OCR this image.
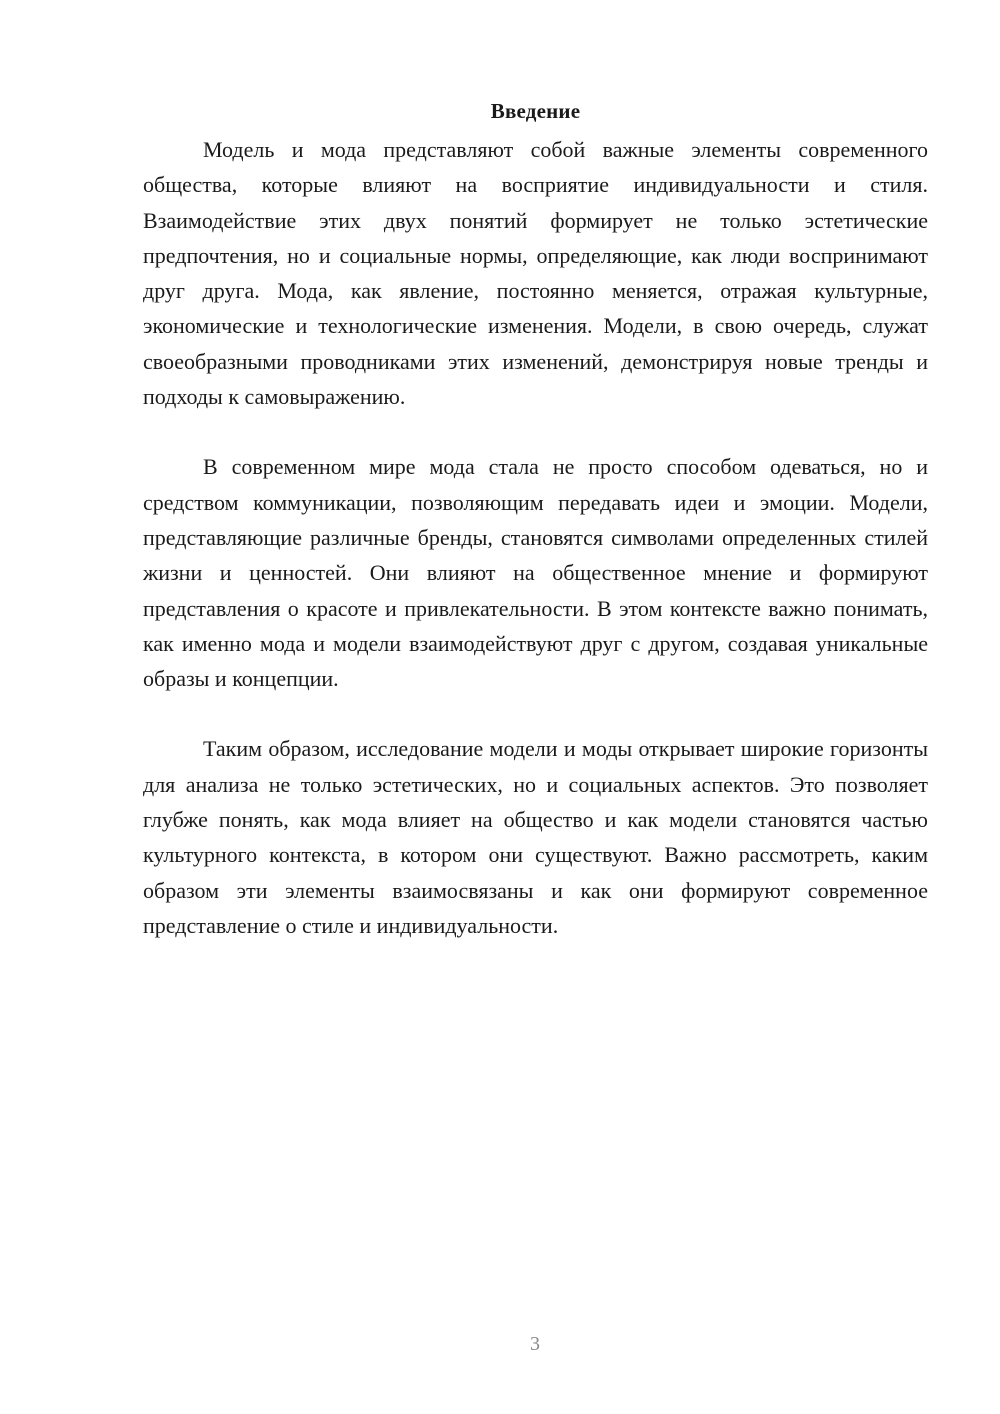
Введение

Модель и мода представляют собой важные элементы современного общества, которые влияют на восприятие индивидуальности и стиля. Взаимодействие этих двух понятий формирует не только эстетические предпочтения, но и социальные нормы, определяющие, как люди воспринимают друг друга. Мода, как явление, постоянно меняется, отражая культурные, экономические и технологические изменения. Модели, в свою очередь, служат своеобразными проводниками этих изменений, демонстрируя новые тренды и подходы к самовыражению.

В современном мире мода стала не просто способом одеваться, но и средством коммуникации, позволяющим передавать идеи и эмоции. Модели, представляющие различные бренды, становятся символами определенных стилей жизни и ценностей. Они влияют на общественное мнение и формируют представления о красоте и привлекательности. В этом контексте важно понимать, как именно мода и модели взаимодействуют друг с другом, создавая уникальные образы и концепции.

Таким образом, исследование модели и моды открывает широкие горизонты для анализа не только эстетических, но и социальных аспектов. Это позволяет глубже понять, как мода влияет на общество и как модели становятся частью культурного контекста, в котором они существуют. Важно рассмотреть, каким образом эти элементы взаимосвязаны и как они формируют современное представление о стиле и индивидуальности.

3
